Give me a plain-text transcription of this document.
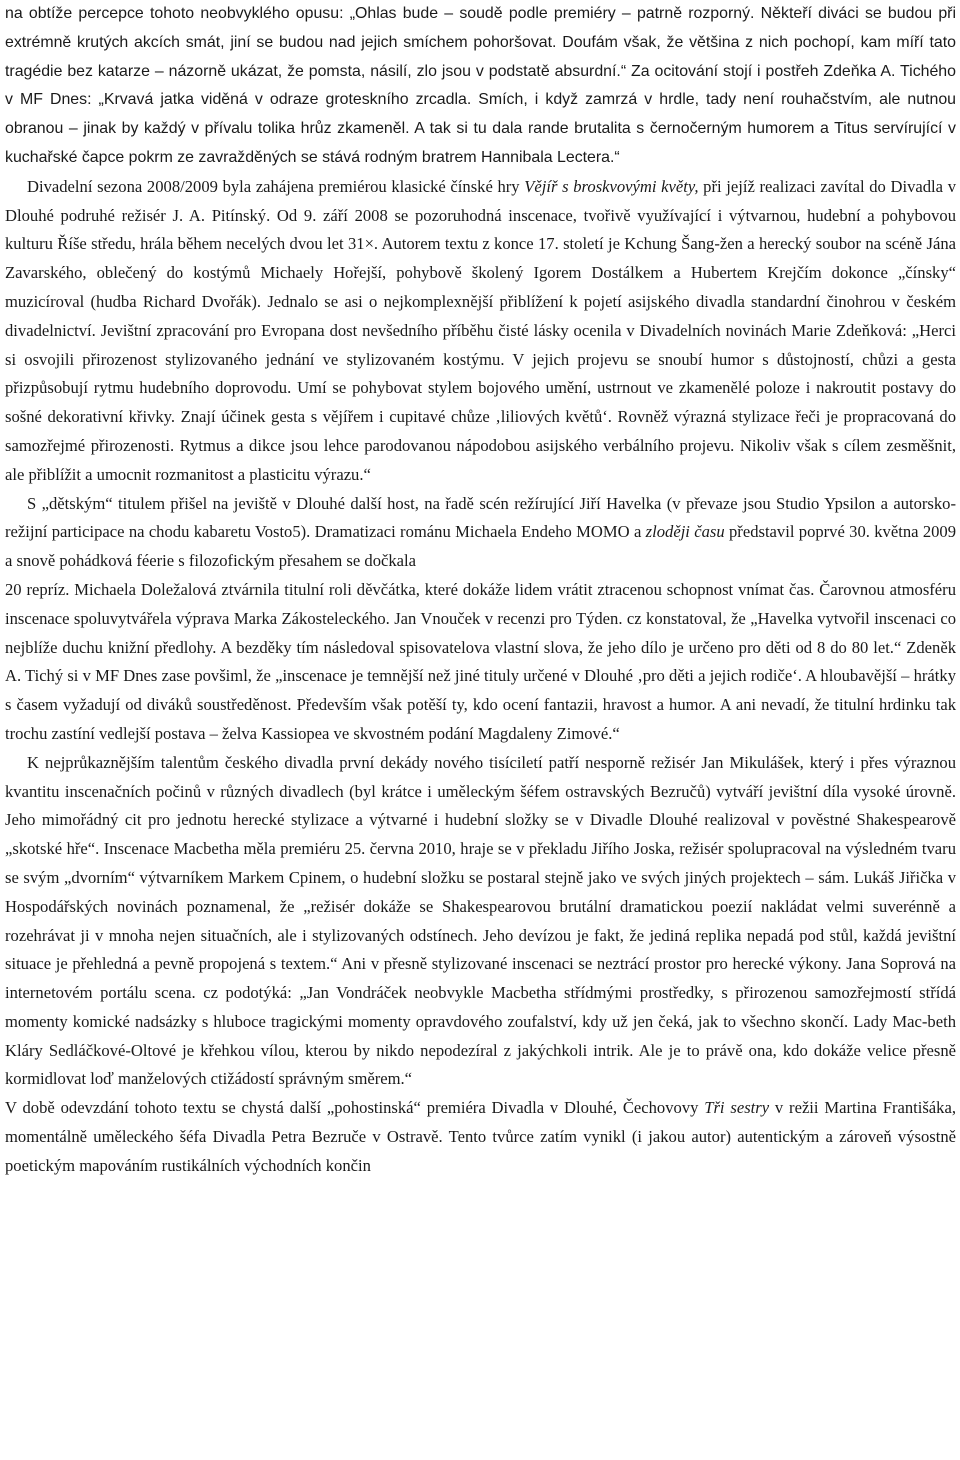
na obtíže percepce tohoto neobvyklého opusu: „Ohlas bude – soudě podle premiéry – patrně rozporný. Někteří diváci se budou při extrémně krutých akcích smát, jiní se budou nad jejich smíchem pohoršovat. Doufám však, že většina z nich pochopí, kam míří tato tragédie bez katarze – názorně ukázat, že pomsta, násilí, zlo jsou v podstatě absurdní.“ Za ocitování stojí i postřeh Zdeňka A. Tichého v MF Dnes: „Krvavá jatka viděná v odraze groteskního zrcadla. Smích, i když zamrzá v hrdle, tady není rouhačstvím, ale nutnou obranou – jinak by každý v přívalu tolika hrůz zkameněl. A tak si tu dala rande brutalita s černočerným humorem a Titus servírující v kuchařské čapce pokrm ze zavražděných se stává rodným bratrem Hannibala Lectera.“

Divadelní sezona 2008/2009 byla zahájena premiérou klasické čínské hry Vějíř s broskvovými květy, při jejíž realizaci zavítal do Divadla v Dlouhé podruhé režisér J. A. Pitínský. Od 9. září 2008 se pozoruhodná inscenace, tvořivě využívající i výtvarnou, hudební a pohybovou kulturu Říše středu, hrála během necelých dvou let 31×. Autorem textu z konce 17. století je Kchung Šang-žen a herecký soubor na scéně Jána Zavarského, oblečený do kostýmů Michaely Hořejší, pohybově školený Igorem Dostálkem a Hubertem Krejčím dokonce „čínsky“ muzicíroval (hudba Richard Dvořák). Jednalo se asi o nejkomplexnější přiblížení k pojetí asijského divadla standardní činohrou v českém divadelnictví. Jevištní zpracování pro Evropana dost nevšedního příběhu čisté lásky ocenila v Divadelních novinách Marie Zdeňková: „Herci si osvojili přirozenost stylizovaného jednání ve stylizovaném kostýmu. V jejich projevu se snoubí humor s důstojností, chůzi a gesta přizpůsobují rytmu hudebního doprovodu. Umí se pohybovat stylem bojového umění, ustrnout ve zkamenělé poloze i nakroutit postavy do sošné dekorativní křivky. Znají účinek gesta s vějířem i cupitavé chůze ‚liliových květů‘. Rovněž výrazná stylizace řeči je propracovaná do samozřejmé přirozenosti. Rytmus a dikce jsou lehce parodovanou nápodobou asijského verbálního projevu. Nikoliv však s cílem zesměšnit, ale přiblížit a umocnit rozmanitost a plasticitu výrazu.“

S „dětským“ titulem přišel na jeviště v Dlouhé další host, na řadě scén režírující Jiří Havelka (v převaze jsou Studio Ypsilon a autorsko-režijní participace na chodu kabaretu Vosto5). Dramatizaci románu Michaela Endeho MOMO a zloději času představil poprvé 30. května 2009 a snově pohádková féerie s filozofickým přesahem se dočkala

20 repríz. Michaela Doležalová ztvárnila titulní roli děvčátka, které dokáže lidem vrátit ztracenou schopnost vnímat čas. Čarovnou atmosféru inscenace spoluvytvářela výprava Marka Zákosteleckého. Jan Vnouček v recenzi pro Týden. cz konstatoval, že „Havelka vytvořil inscenaci co nejblíže duchu knižní předlohy. A bezděky tím následoval spisovatelova vlastní slova, že jeho dílo je určeno pro děti od 8 do 80 let.“ Zdeněk A. Tichý si v MF Dnes zase povšiml, že „inscenace je temnější než jiné tituly určené v Dlouhé ‚pro děti a jejich rodiče‘. A hloubavější – hrátky s časem vyžadují od diváků soustředěnost. Především však potěší ty, kdo ocení fantazii, hravost a humor. A ani nevadí, že titulní hrdinku tak trochu zastíní vedlejší postava – želva Kassiopea ve skvostném podání Magdaleny Zimové.“

K nejprůkaznějším talentům českého divadla první dekády nového tisíciletí patří nesporně režisér Jan Mikulášek, který i přes výraznou kvantitu inscenačních počinů v různých divadlech (byl krátce i uměleckým šéfem ostravských Bezručů) vytváří jevištní díla vysoké úrovně. Jeho mimořádný cit pro jednotu herecké stylizace a výtvarné i hudební složky se v Divadle Dlouhé realizoval v pověstné Shakespearově „skotské hře“. Inscenace Macbetha měla premiéru 25. června 2010, hraje se v překladu Jiřího Joska, režisér spolupracoval na výsledném tvaru se svým „dvorním“ výtvarníkem Markem Cpinem, o hudební složku se postaral stejně jako ve svých jiných projektech – sám. Lukáš Jiřička v Hospodářských novinách poznamenal, že „režisér dokáže se Shakespearovou brutální dramatickou poezií nakládat velmi suverénně a rozehrávat ji v mnoha nejen situačních, ale i stylizovaných odstínech. Jeho devízou je fakt, že jediná replika nepadá pod stůl, každá jevištní situace je přehledná a pevně propojená s textem.“ Ani v přesně stylizované inscenaci se neztrácí prostor pro herecké výkony. Jana Soprová na internetovém portálu scena. cz podotýká: „Jan Vondráček neobvykle Macbetha střídmými prostředky, s přirozenou samozřejmostí střídá momenty komické nadsázky s hlubocе tragickými momenty opravdového zoufalství, kdy už jen čeká, jak to všechno skončí. Lady Mac-beth Kláry Sedláčkové-Oltové je křehkou vílou, kterou by nikdo nepodezíral z jakýchkoli intrik. Ale je to právě ona, kdo dokáže velice přesně kormidlovat loď manželových ctižádostí správným směrem.“

V době odevzdání tohoto textu se chystá další „pohostinská“ premiéra Divadla v Dlouhé, Čechovovy Tři sestry v režii Martina Františáka, momentálně uměleckého šéfa Divadla Petra Bezruče v Ostravě. Tento tvůrce zatím vynikl (i jakou autor) autentickým a zároveň výsostně poetickým mapováním rustikálních východních končin
